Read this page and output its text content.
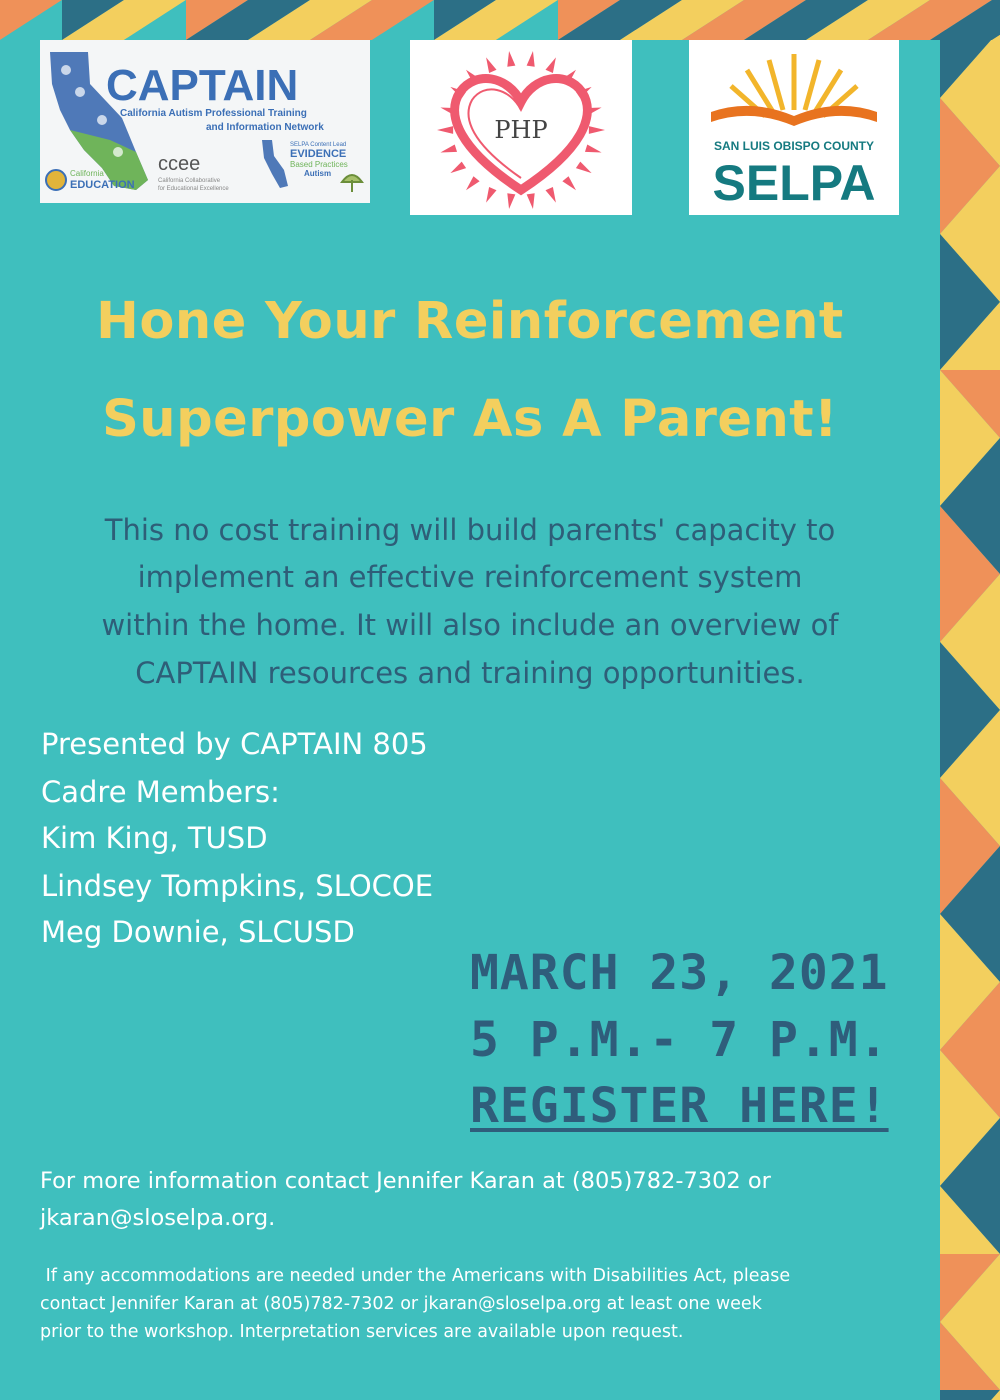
CAPTAIN
California Autism Professional Training
and Information Network
California
EDUCATION
ccee
California Collaborative
for Educational Excellence
SELPA Content Lead
EVIDENCE
Based Practices
Autism
PHP
SAN LUIS OBISPO COUNTY
SELPA
Hone Your Reinforcement
Superpower As A Parent!

This no cost training will build parents' capacity to

implement an effective reinforcement system

within the home. It will also include an overview of

CAPTAIN resources and training opportunities.

Presented by CAPTAIN 805

Cadre Members:

Kim King, TUSD

Lindsey Tompkins, SLOCOE

Meg Downie, SLCUSD

MARCH 23, 2021

5 P.M.- 7 P.M.

REGISTER HERE!

For more information contact Jennifer Karan at (805)782-7302 or

jkaran@sloselpa.org.

If any accommodations are needed under the Americans with Disabilities Act, please

contact Jennifer Karan at (805)782-7302 or jkaran@sloselpa.org at least one week

prior to the workshop. Interpretation services are available upon request.
